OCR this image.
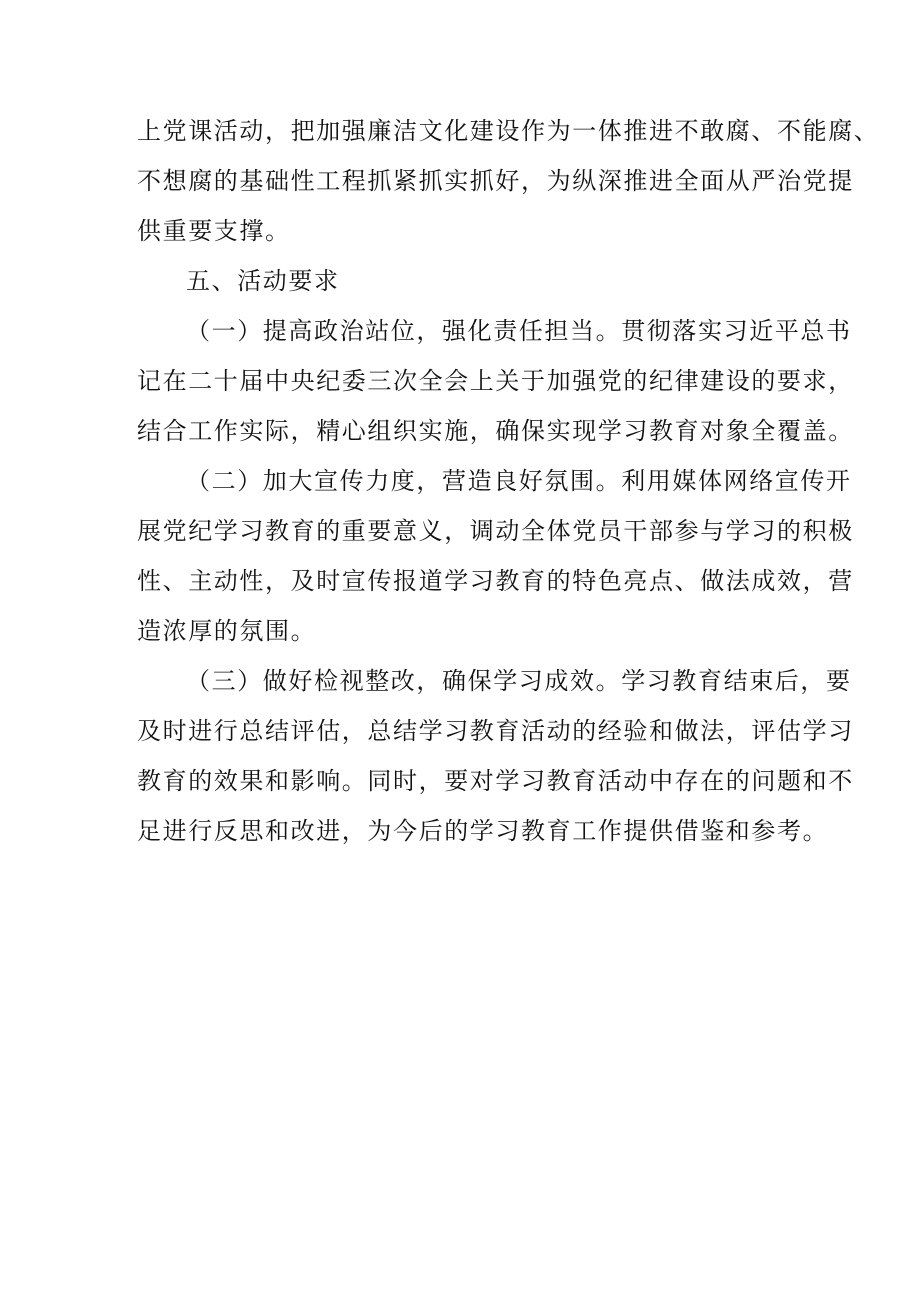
上党课活动，把加强廉洁文化建设作为一体推进不敢腐、不能腐、

不想腐的基础性工程抓紧抓实抓好，为纵深推进全面从严治党提

供重要支撑。

五、活动要求

（一）提高政治站位，强化责任担当。贯彻落实习近平总书

记在二十届中央纪委三次全会上关于加强党的纪律建设的要求，

结合工作实际，精心组织实施，确保实现学习教育对象全覆盖。

（二）加大宣传力度，营造良好氛围。利用媒体网络宣传开

展党纪学习教育的重要意义，调动全体党员干部参与学习的积极

性、主动性，及时宣传报道学习教育的特色亮点、做法成效，营

造浓厚的氛围。

（三）做好检视整改，确保学习成效。学习教育结束后，要

及时进行总结评估，总结学习教育活动的经验和做法，评估学习

教育的效果和影响。同时，要对学习教育活动中存在的问题和不

足进行反思和改进，为今后的学习教育工作提供借鉴和参考。
